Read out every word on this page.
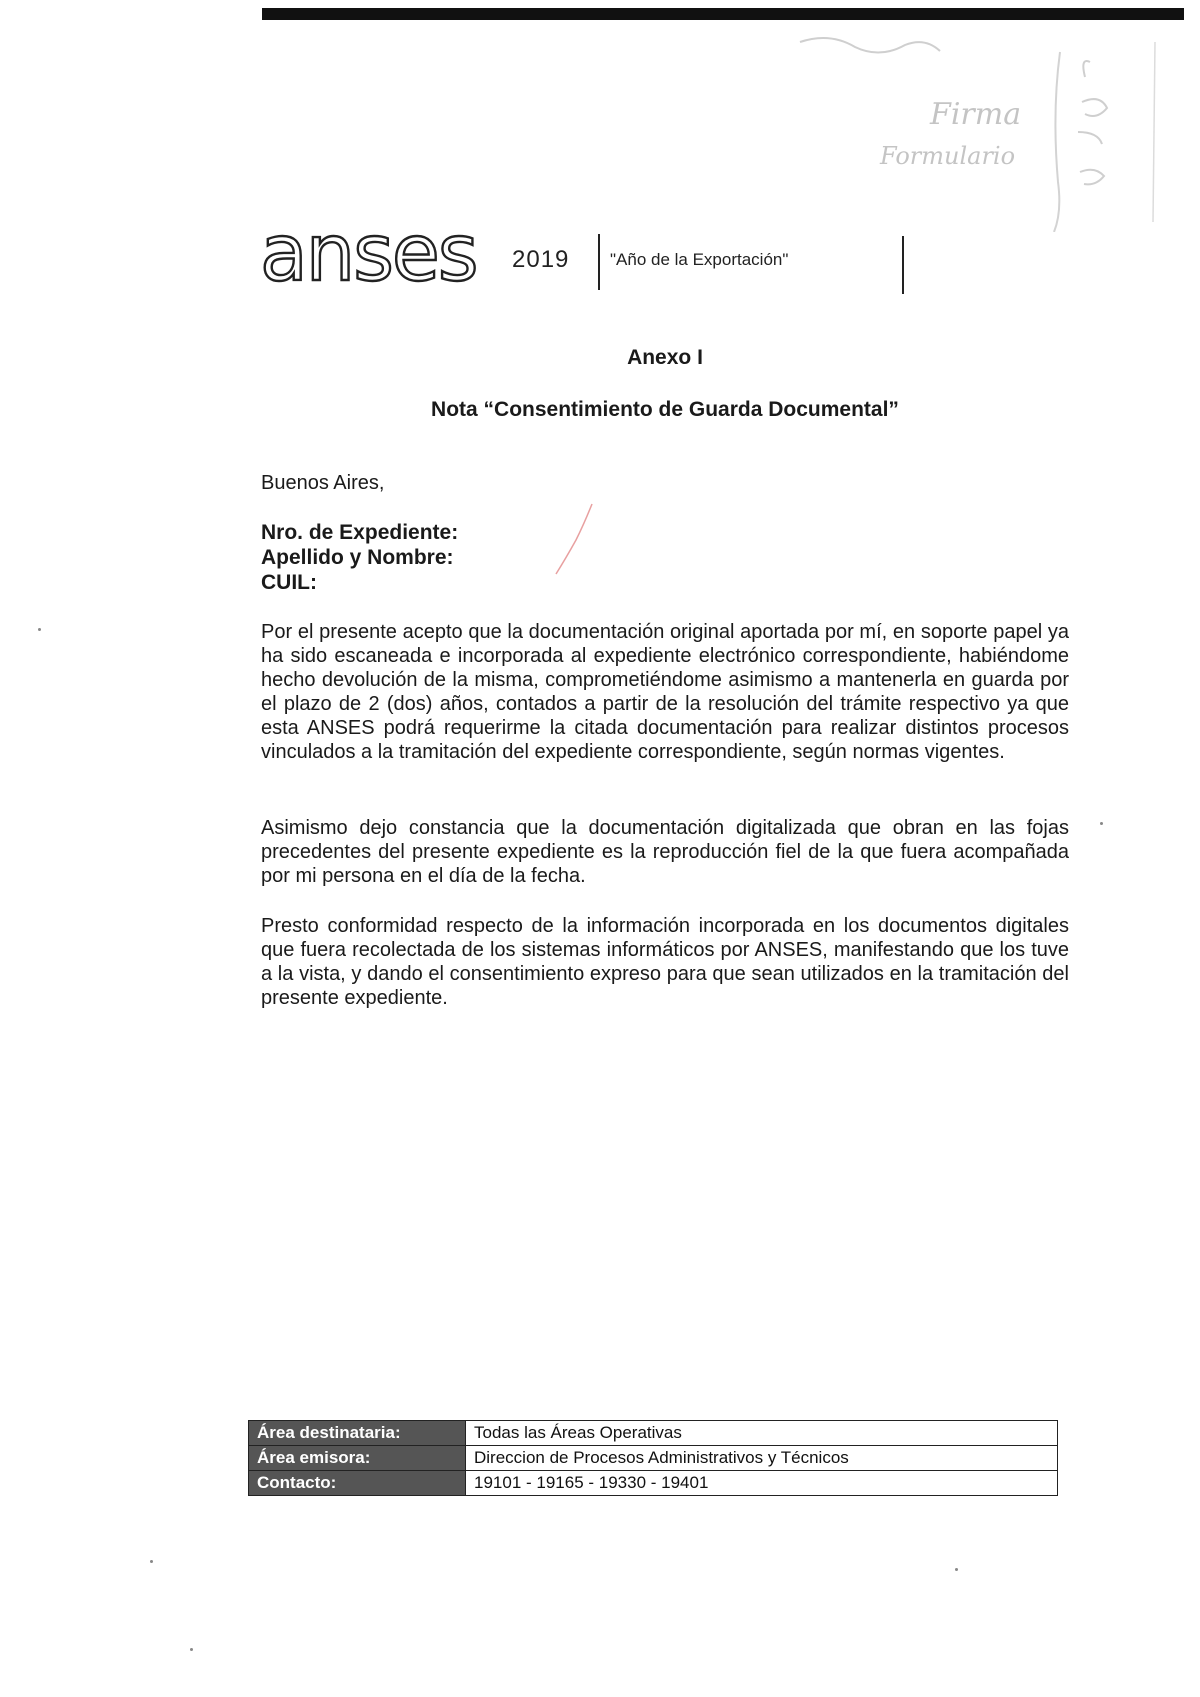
Firma
Formulario
anses 2019 "Año de la Exportación"
Anexo I
Nota “Consentimiento de Guarda Documental”
Buenos Aires,
Nro. de Expediente:
Apellido y Nombre:
CUIL:
Por el presente acepto que la documentación original aportada por mí, en soporte papel ya ha sido escaneada e incorporada al expediente electrónico correspondiente, habiéndome hecho devolución de la misma, comprometiéndome asimismo a mantenerla en guarda por el plazo de 2 (dos) años, contados a partir de la resolución del trámite respectivo ya que esta ANSES podrá requerirme la citada documentación para realizar distintos procesos vinculados a la tramitación del expediente correspondiente, según normas vigentes.
Asimismo dejo constancia que la documentación digitalizada que obran en las fojas precedentes del presente expediente es la reproducción fiel de la que fuera acompañada por mi persona en el día de la fecha.
Presto conformidad respecto de la información incorporada en los documentos digitales que fuera recolectada de los sistemas informáticos por ANSES, manifestando que los tuve a la vista, y dando el consentimiento expreso para que sean utilizados en la tramitación del presente expediente.
Área destinataria:	Todas las Áreas Operativas
Área emisora:	Direccion de Procesos Administrativos y Técnicos
Contacto:	19101 - 19165 - 19330 - 19401
